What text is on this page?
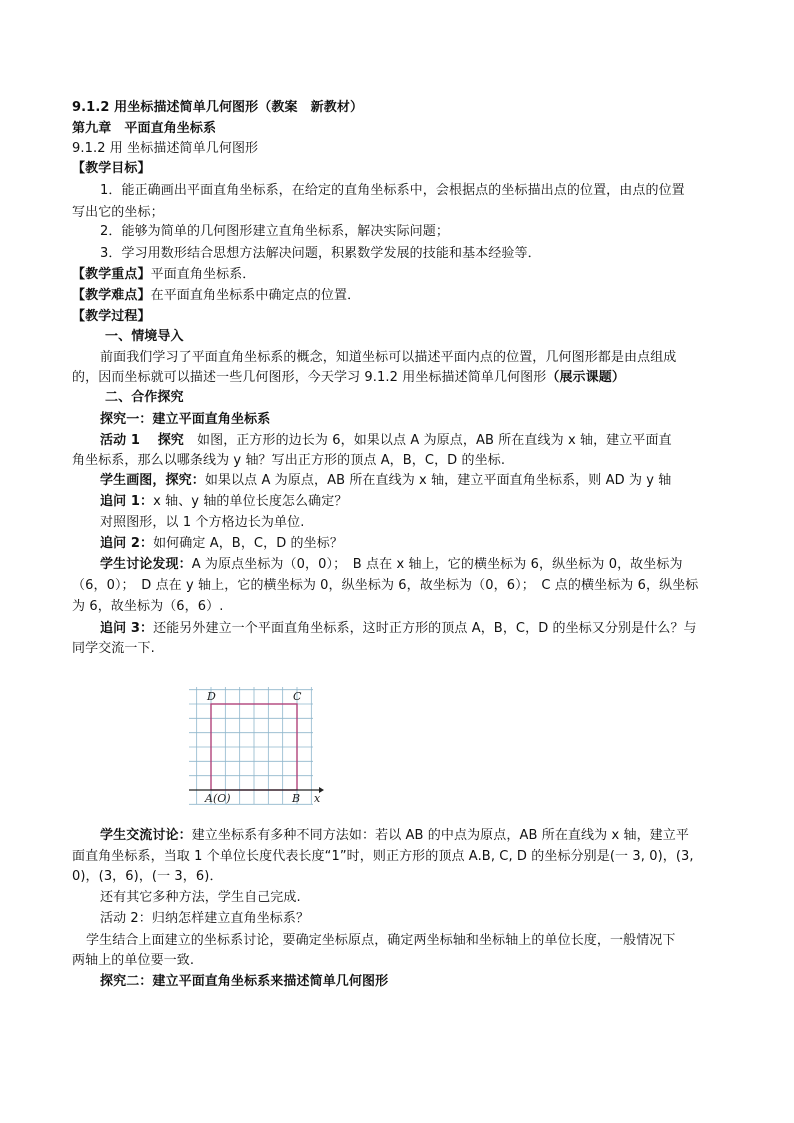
9.1.2 用坐标描述简单几何图形（教案　新教材）
第九章　平面直角坐标系
9.1.2 用 坐标描述简单几何图形
【教学目标】
1．能正确画出平面直角坐标系，在给定的直角坐标系中，会根据点的坐标描出点的位置，由点的位置
写出它的坐标；
2．能够为简单的几何图形建立直角坐标系，解决实际问题；
3．学习用数形结合思想方法解决问题，积累数学发展的技能和基本经验等．
【教学重点】平面直角坐标系．
【教学难点】在平面直角坐标系中确定点的位置．
【教学过程】
一、情境导入
前面我们学习了平面直角坐标系的概念，知道坐标可以描述平面内点的位置，几何图形都是由点组成
的，因而坐标就可以描述一些几何图形，今天学习 9.1.2 用坐标描述简单几何图形（展示课题）
二、合作探究
探究一：建立平面直角坐标系
活动 1　 探究　如图，正方形的边长为 6，如果以点 A 为原点，AB 所在直线为 x 轴，建立平面直
角坐标系，那么以哪条线为 y 轴？写出正方形的顶点 A，B，C，D 的坐标.
学生画图，探究：如果以点 A 为原点，AB 所在直线为 x 轴，建立平面直角坐标系，则 AD 为 y 轴
追问 1：x 轴、y 轴的单位长度怎么确定？
对照图形，以 1 个方格边长为单位.
追问 2：如何确定 A，B，C，D 的坐标？
学生讨论发现：A 为原点坐标为（0，0）；　B 点在 x 轴上，它的横坐标为 6，纵坐标为 0，故坐标为
（6，0）；　D 点在 y 轴上，它的横坐标为 0，纵坐标为 6，故坐标为（0，6）；　C 点的横坐标为 6，纵坐标
为 6，故坐标为（6，6）.
追问 3：还能另外建立一个平面直角坐标系，这时正方形的顶点 A，B，C，D 的坐标又分别是什么？与
同学交流一下.
D	C
A(O)	B x
学生交流讨论：建立坐标系有多种不同方法如：若以 AB 的中点为原点，AB 所在直线为 x 轴，建立平
面直角坐标系，当取 1 个单位长度代表长度“1”时，则正方形的顶点 A.B, C, D 的坐标分别是(一 3, 0)，(3,
0)，(3，6)，(一 3，6)．
还有其它多种方法，学生自己完成.
活动 2：归纳怎样建立直角坐标系？
学生结合上面建立的坐标系讨论，要确定坐标原点，确定两坐标轴和坐标轴上的单位长度，一般情况下
两轴上的单位要一致.
探究二：建立平面直角坐标系来描述简单几何图形
